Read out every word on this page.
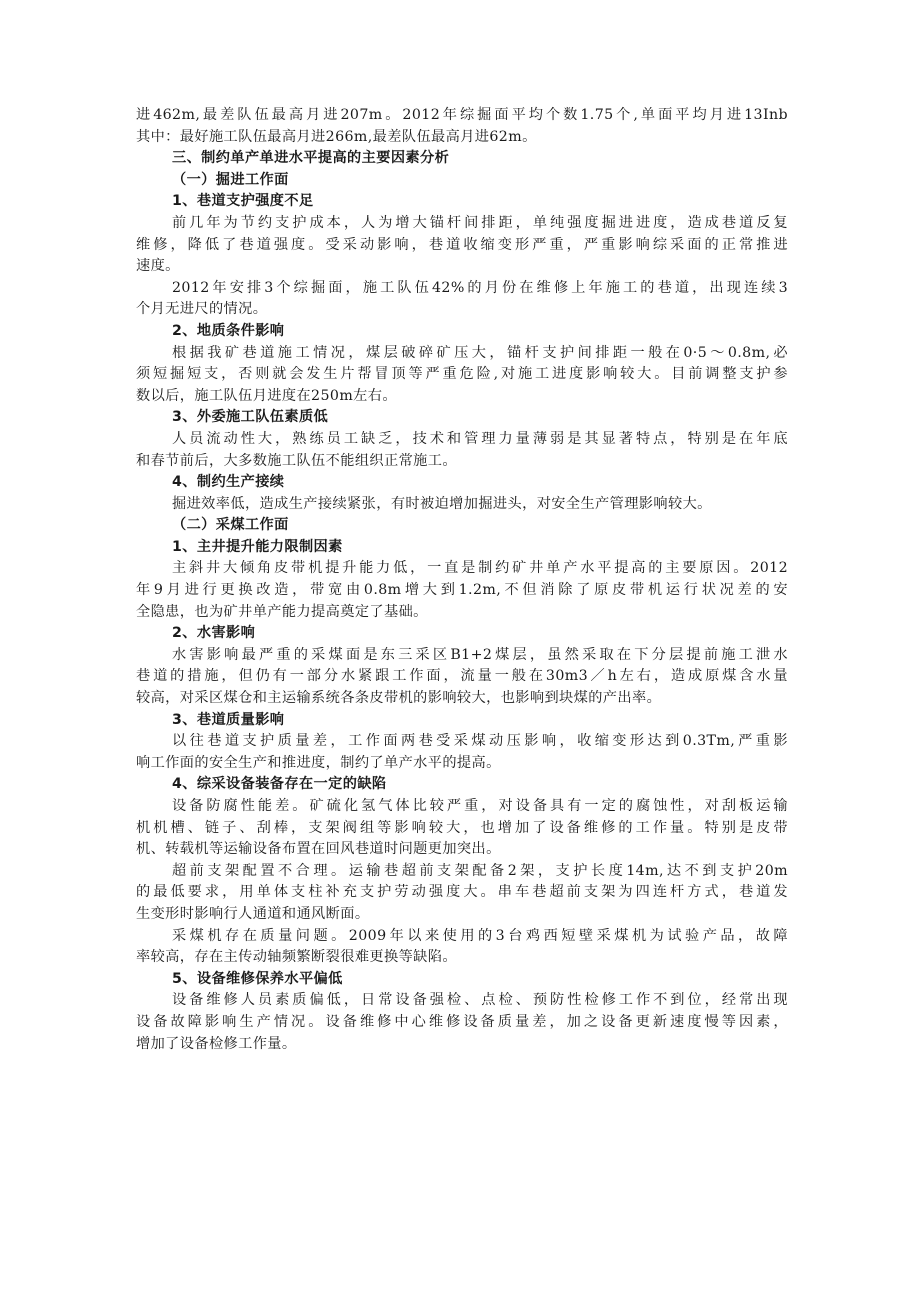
进462m,最差队伍最高月进207m。2012年综掘面平均个数1.75个,单面平均月进13Inb
其中：最好施工队伍最高月进266m,最差队伍最高月进62m。
三、制约单产单进水平提高的主要因素分析
（一）掘进工作面
1、巷道支护强度不足
前几年为节约支护成本，人为增大锚杆间排距，单纯强度掘进进度，造成巷道反复
维修，降低了巷道强度。受采动影响，巷道收缩变形严重，严重影响综采面的正常推进
速度。
2012年安排3个综掘面，施工队伍42%的月份在维修上年施工的巷道，出现连续3
个月无进尺的情况。
2、地质条件影响
根据我矿巷道施工情况，煤层破碎矿压大，锚杆支护间排距一般在0·5～0.8m,必
须短掘短支，否则就会发生片帮冒顶等严重危险,对施工进度影响较大。目前调整支护参
数以后，施工队伍月进度在250m左右。
3、外委施工队伍素质低
人员流动性大，熟练员工缺乏，技术和管理力量薄弱是其显著特点，特别是在年底
和春节前后，大多数施工队伍不能组织正常施工。
4、制约生产接续
掘进效率低，造成生产接续紧张，有时被迫增加掘进头，对安全生产管理影响较大。
（二）采煤工作面
1、主井提升能力限制因素
主斜井大倾角皮带机提升能力低，一直是制约矿井单产水平提高的主要原因。2012
年9月进行更换改造，带宽由0.8m增大到1.2m,不但消除了原皮带机运行状况差的安
全隐患，也为矿井单产能力提高奠定了基础。
2、水害影响
水害影响最严重的采煤面是东三采区B1+2煤层，虽然采取在下分层提前施工泄水
巷道的措施，但仍有一部分水紧跟工作面，流量一般在30m3／h左右，造成原煤含水量
较高，对采区煤仓和主运输系统各条皮带机的影响较大，也影响到块煤的产出率。
3、巷道质量影响
以往巷道支护质量差，工作面两巷受采煤动压影响，收缩变形达到0.3Tm,严重影
响工作面的安全生产和推进度，制约了单产水平的提高。
4、综采设备装备存在一定的缺陷
设备防腐性能差。矿硫化氢气体比较严重，对设备具有一定的腐蚀性，对刮板运输
机机槽、链子、刮棒，支架阀组等影响较大，也增加了设备维修的工作量。特别是皮带
机、转载机等运输设备布置在回风巷道时问题更加突出。
超前支架配置不合理。运输巷超前支架配备2架，支护长度14m,达不到支护20m
的最低要求，用单体支柱补充支护劳动强度大。串车巷超前支架为四连杆方式，巷道发
生变形时影响行人通道和通风断面。
采煤机存在质量问题。2009年以来使用的3台鸡西短壁采煤机为试验产品，故障
率较高，存在主传动轴频繁断裂很难更换等缺陷。
5、设备维修保养水平偏低
设备维修人员素质偏低，日常设备强检、点检、预防性检修工作不到位，经常出现
设备故障影响生产情况。设备维修中心维修设备质量差，加之设备更新速度慢等因素，
增加了设备检修工作量。
